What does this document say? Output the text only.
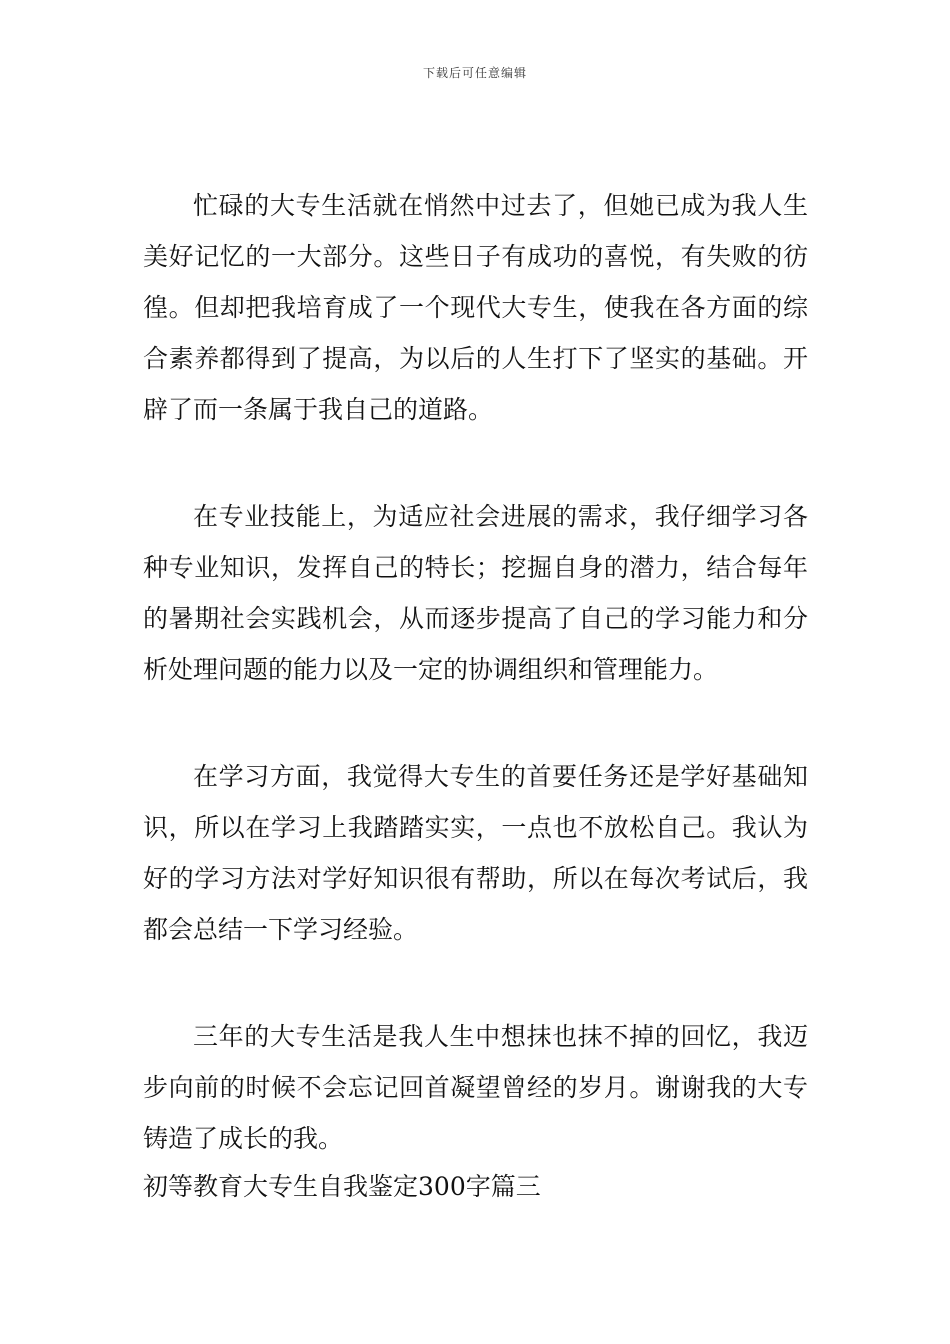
下载后可任意编辑

忙碌的大专生活就在悄然中过去了，但她已成为我人生美好记忆的一大部分。这些日子有成功的喜悦，有失败的彷徨。但却把我培育成了一个现代大专生，使我在各方面的综合素养都得到了提高，为以后的人生打下了坚实的基础。开辟了而一条属于我自己的道路。

在专业技能上，为适应社会进展的需求，我仔细学习各种专业知识，发挥自己的特长；挖掘自身的潜力，结合每年的暑期社会实践机会，从而逐步提高了自己的学习能力和分析处理问题的能力以及一定的协调组织和管理能力。

在学习方面，我觉得大专生的首要任务还是学好基础知识，所以在学习上我踏踏实实，一点也不放松自己。我认为好的学习方法对学好知识很有帮助，所以在每次考试后，我都会总结一下学习经验。

三年的大专生活是我人生中想抹也抹不掉的回忆，我迈步向前的时候不会忘记回首凝望曾经的岁月。谢谢我的大专铸造了成长的我。

初等教育大专生自我鉴定300字篇三
